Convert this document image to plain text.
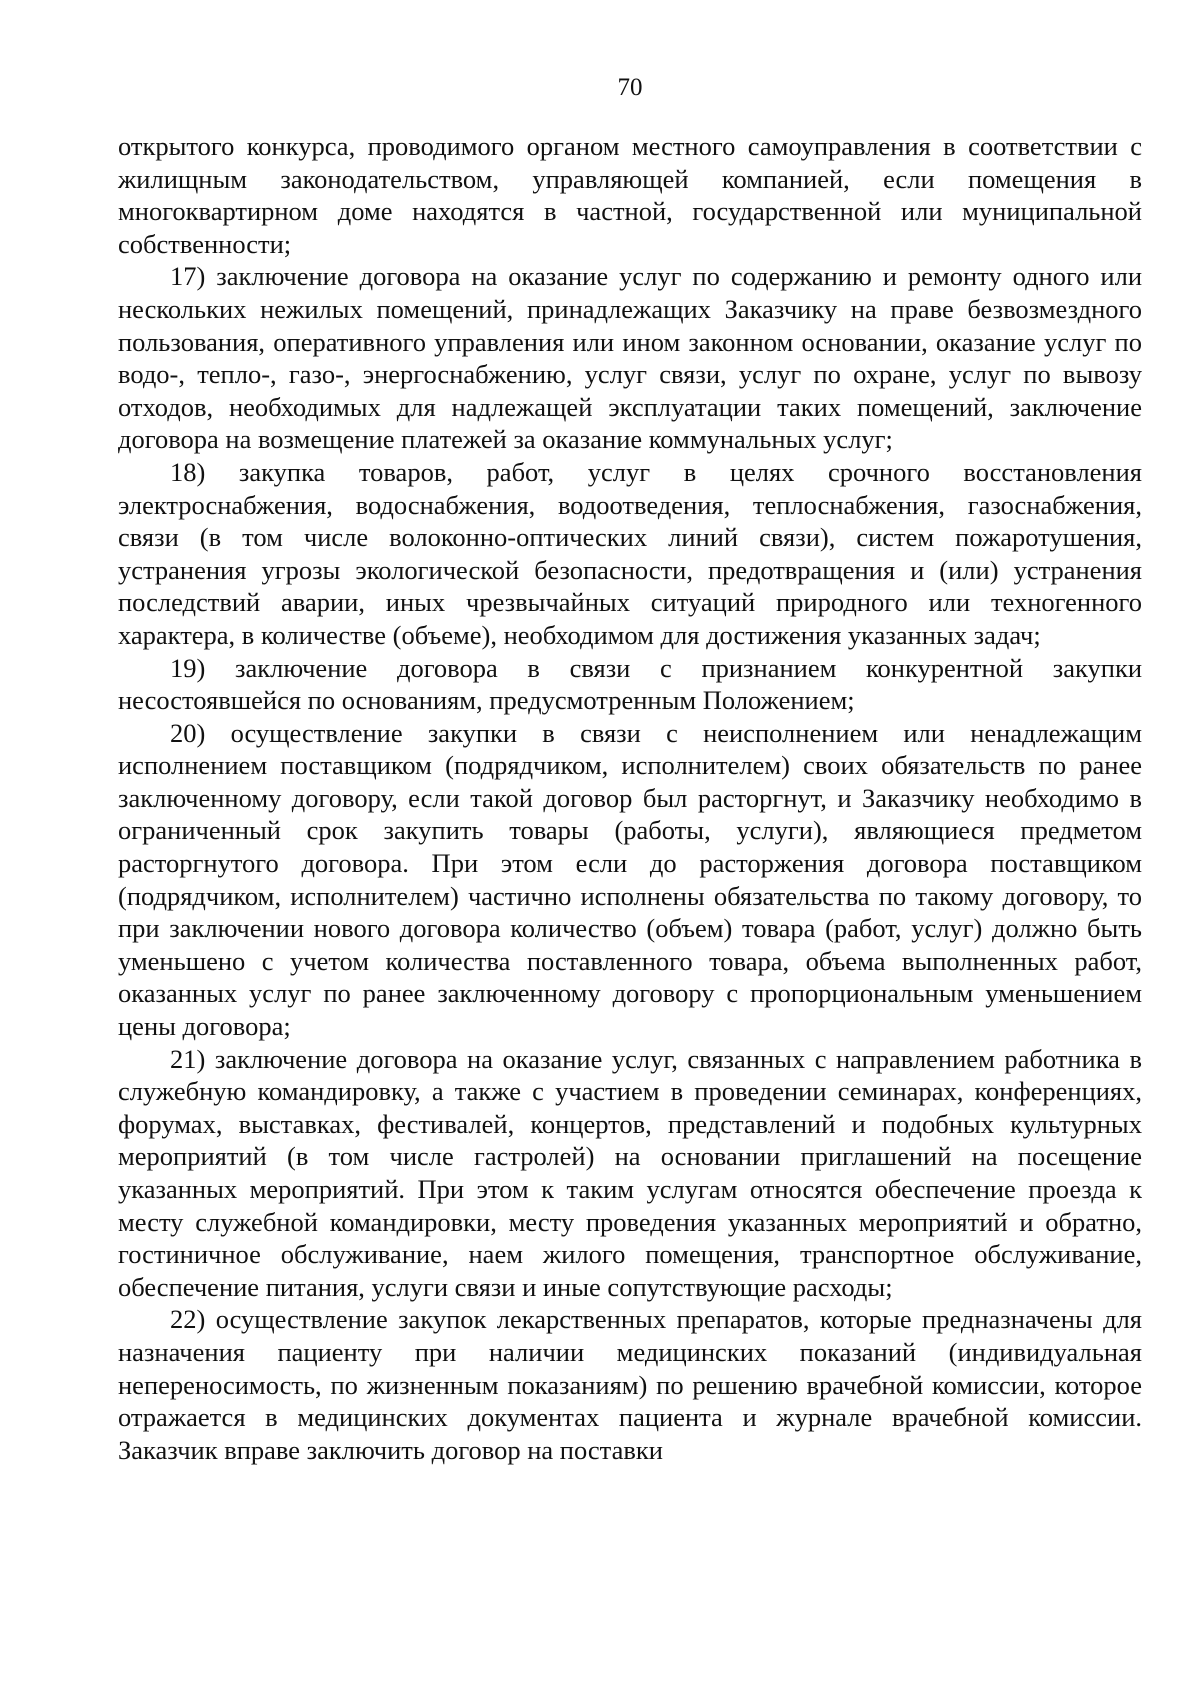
70

открытого конкурса, проводимого органом местного самоуправления в соответствии с жилищным законодательством, управляющей компанией, если помещения в многоквартирном доме находятся в частной, государственной или муниципальной собственности;

17) заключение договора на оказание услуг по содержанию и ремонту одного или нескольких нежилых помещений, принадлежащих Заказчику на праве безвозмездного пользования, оперативного управления или ином законном основании, оказание услуг по водо-, тепло-, газо-, энергоснабжению, услуг связи, услуг по охране, услуг по вывозу отходов, необходимых для надлежащей эксплуатации таких помещений, заключение договора на возмещение платежей за оказание коммунальных услуг;

18) закупка товаров, работ, услуг в целях срочного восстановления электроснабжения, водоснабжения, водоотведения, теплоснабжения, газоснабжения, связи (в том числе волоконно-оптических линий связи), систем пожаротушения, устранения угрозы экологической безопасности, предотвращения и (или) устранения последствий аварии, иных чрезвычайных ситуаций природного или техногенного характера, в количестве (объеме), необходимом для достижения указанных задач;

19) заключение договора в связи с признанием конкурентной закупки несостоявшейся по основаниям, предусмотренным Положением;

20) осуществление закупки в связи с неисполнением или ненадлежащим исполнением поставщиком (подрядчиком, исполнителем) своих обязательств по ранее заключенному договору, если такой договор был расторгнут, и Заказчику необходимо в ограниченный срок закупить товары (работы, услуги), являющиеся предметом расторгнутого договора. При этом если до расторжения договора поставщиком (подрядчиком, исполнителем) частично исполнены обязательства по такому договору, то при заключении нового договора количество (объем) товара (работ, услуг) должно быть уменьшено с учетом количества поставленного товара, объема выполненных работ, оказанных услуг по ранее заключенному договору с пропорциональным уменьшением цены договора;

21) заключение договора на оказание услуг, связанных с направлением работника в служебную командировку, а также с участием в проведении семинарах, конференциях, форумах, выставках, фестивалей, концертов, представлений и подобных культурных мероприятий (в том числе гастролей) на основании приглашений на посещение указанных мероприятий. При этом к таким услугам относятся обеспечение проезда к месту служебной командировки, месту проведения указанных мероприятий и обратно, гостиничное обслуживание, наем жилого помещения, транспортное обслуживание, обеспечение питания, услуги связи и иные сопутствующие расходы;

22) осуществление закупок лекарственных препаратов, которые предназначены для назначения пациенту при наличии медицинских показаний (индивидуальная непереносимость, по жизненным показаниям) по решению врачебной комиссии, которое отражается в медицинских документах пациента и журнале врачебной комиссии. Заказчик вправе заключить договор на поставки
